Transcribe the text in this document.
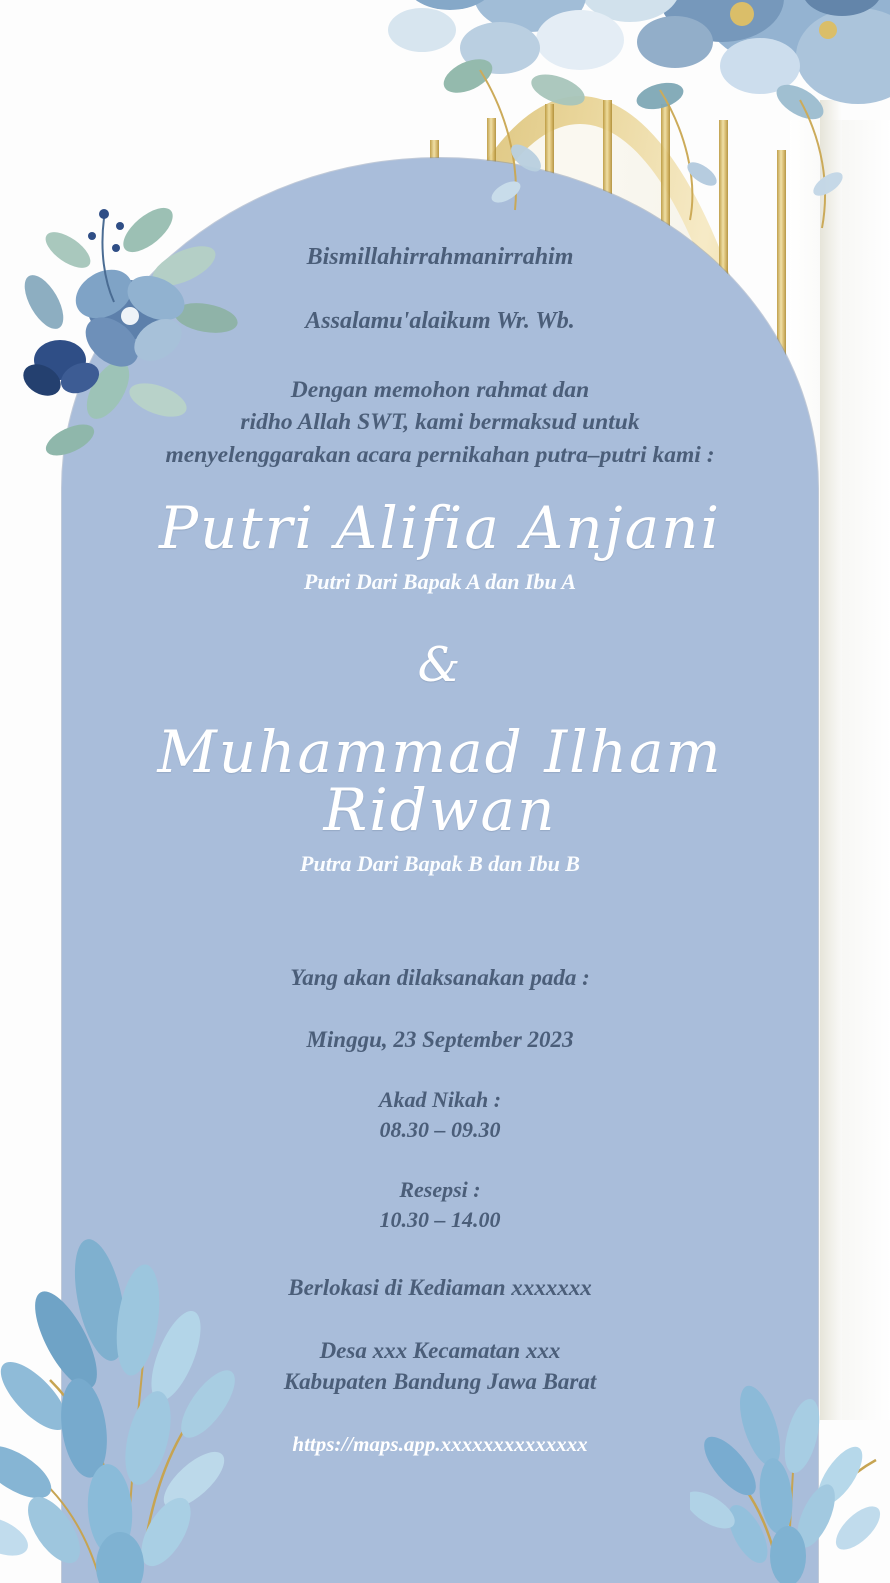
Bismillahirrahmanirrahim
Assalamu'alaikum Wr. Wb.
Dengan memohon rahmat dan
ridho Allah SWT, kami bermaksud untuk
menyelenggarakan acara pernikahan putra–putri kami :
Putri Alifia Anjani
Putri Dari Bapak A dan Ibu A
&
Muhammad Ilham Ridwan
Putra Dari Bapak B dan Ibu B
Yang akan dilaksanakan pada :
Minggu, 23 September 2023
Akad Nikah :
08.30 – 09.30
Resepsi :
10.30 – 14.00
Berlokasi di Kediaman xxxxxxx
Desa xxx Kecamatan xxx
Kabupaten Bandung Jawa Barat
https://maps.app.xxxxxxxxxxxxxx
